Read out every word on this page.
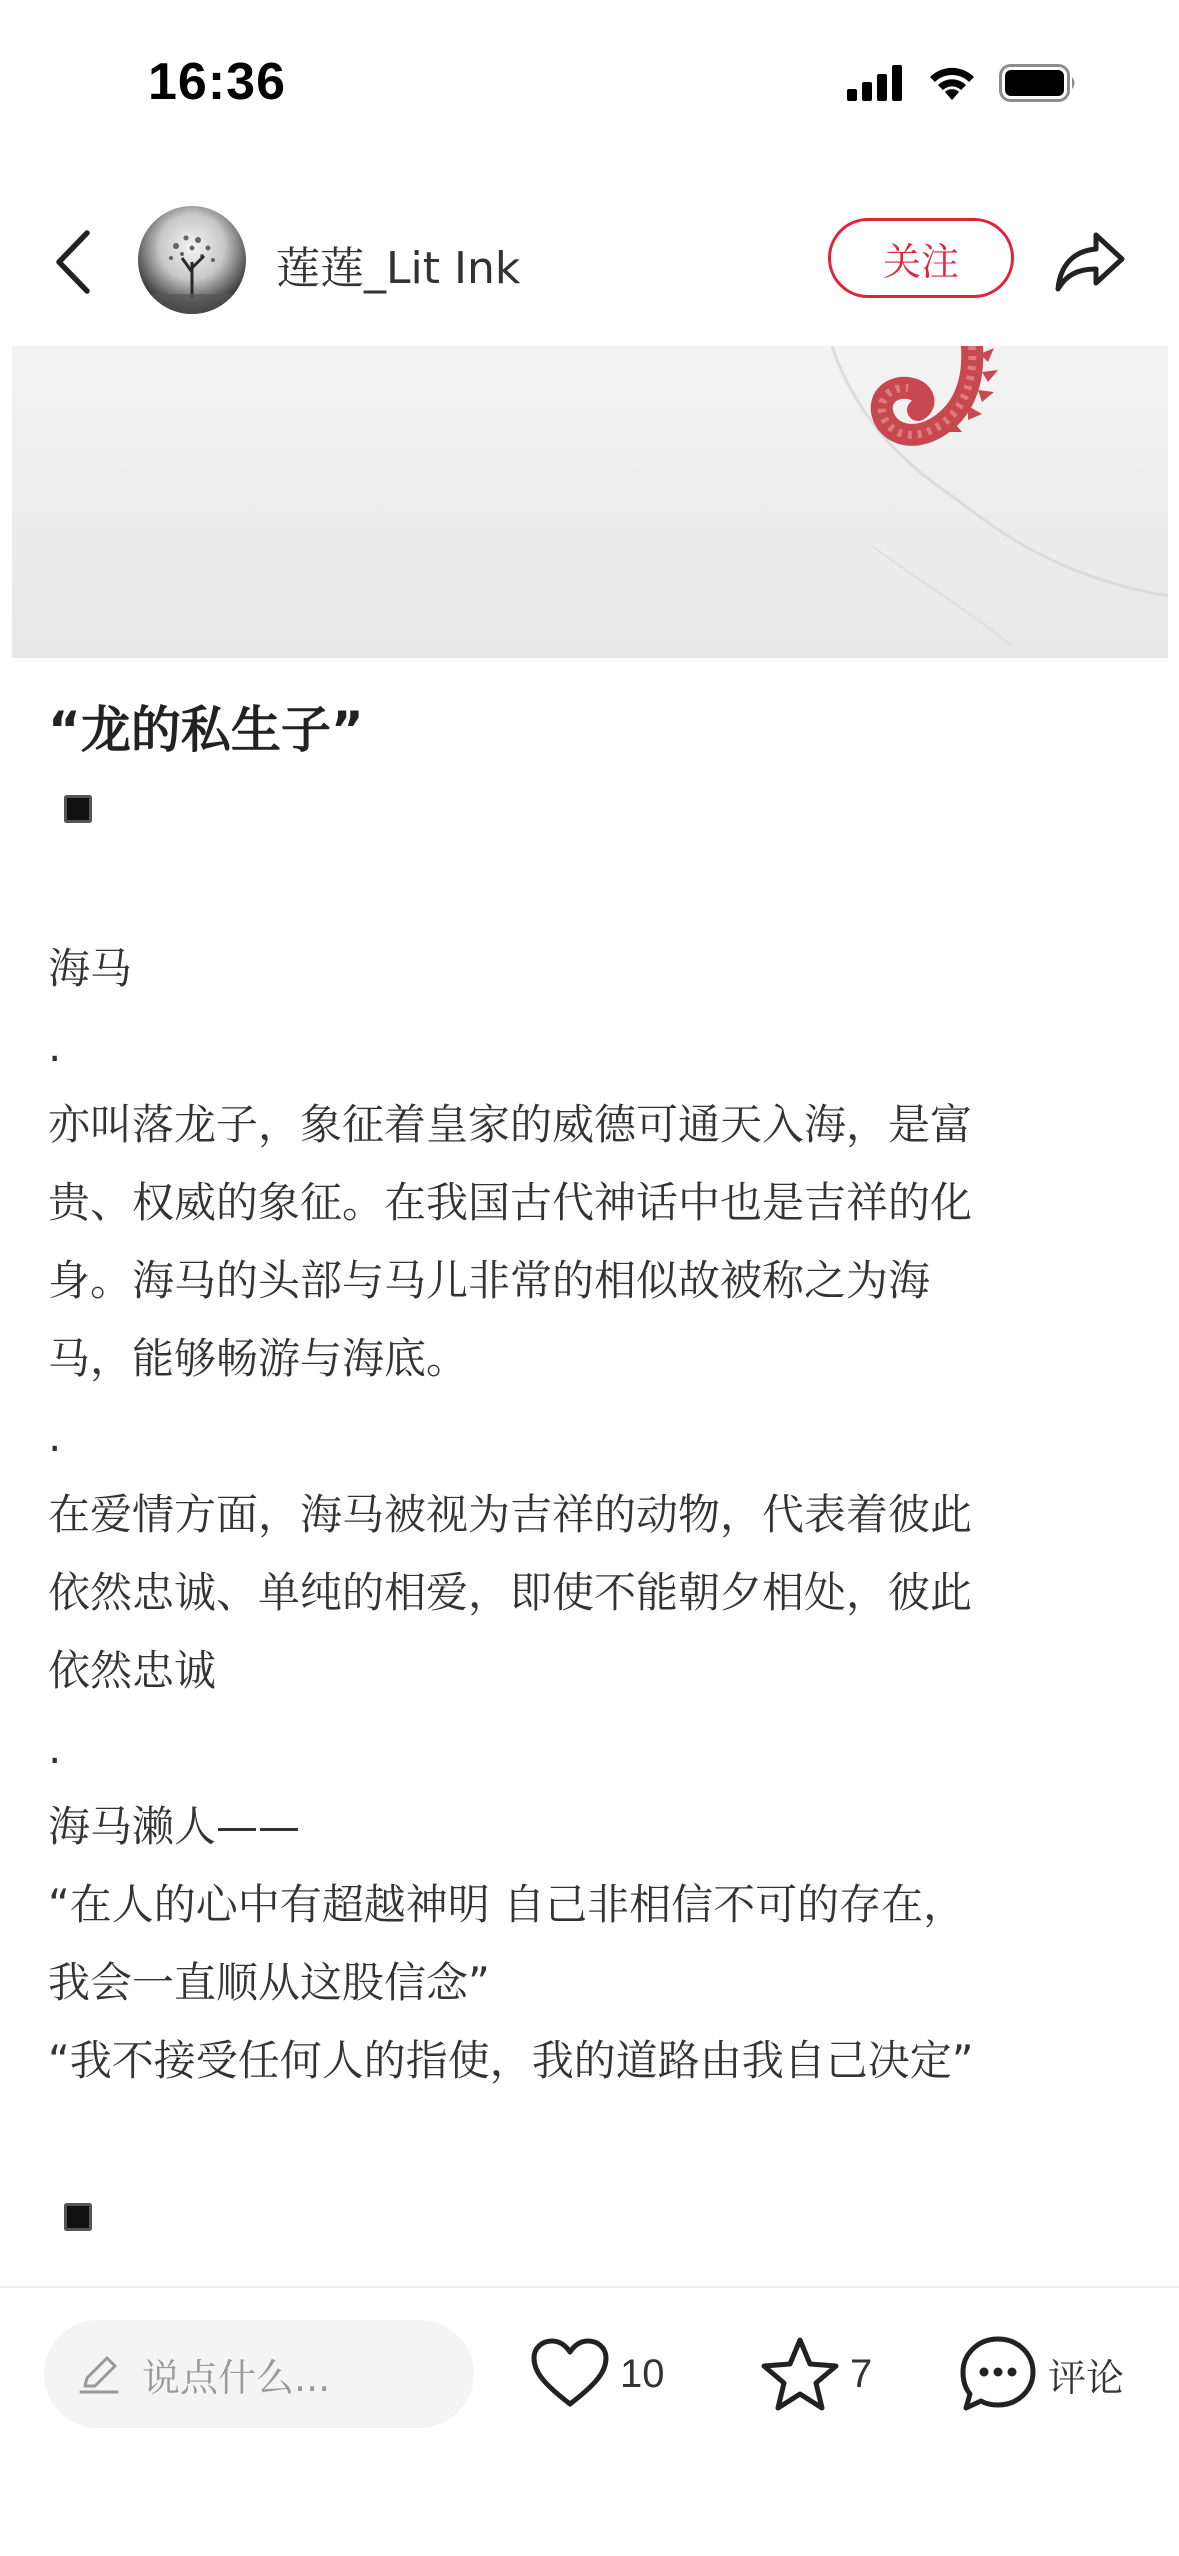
16:36
莲莲_Lit Ink	关注
“龙的私生子”

海马

.

亦叫落龙子，象征着皇家的威德可通天入海，是富

贵、权威的象征。在我国古代神话中也是吉祥的化

身。海马的头部与马儿非常的相似故被称之为海

马，能够畅游与海底。

.

在爱情方面，海马被视为吉祥的动物，代表着彼此

依然忠诚、单纯的相爱，即使不能朝夕相处，彼此

依然忠诚

.

海马濑人——

“在人的心中有超越神明 自己非相信不可的存在，

我会一直顺从这股信念”

“我不接受任何人的指使，我的道路由我自己决定”

说点什么...	10	7	评论
